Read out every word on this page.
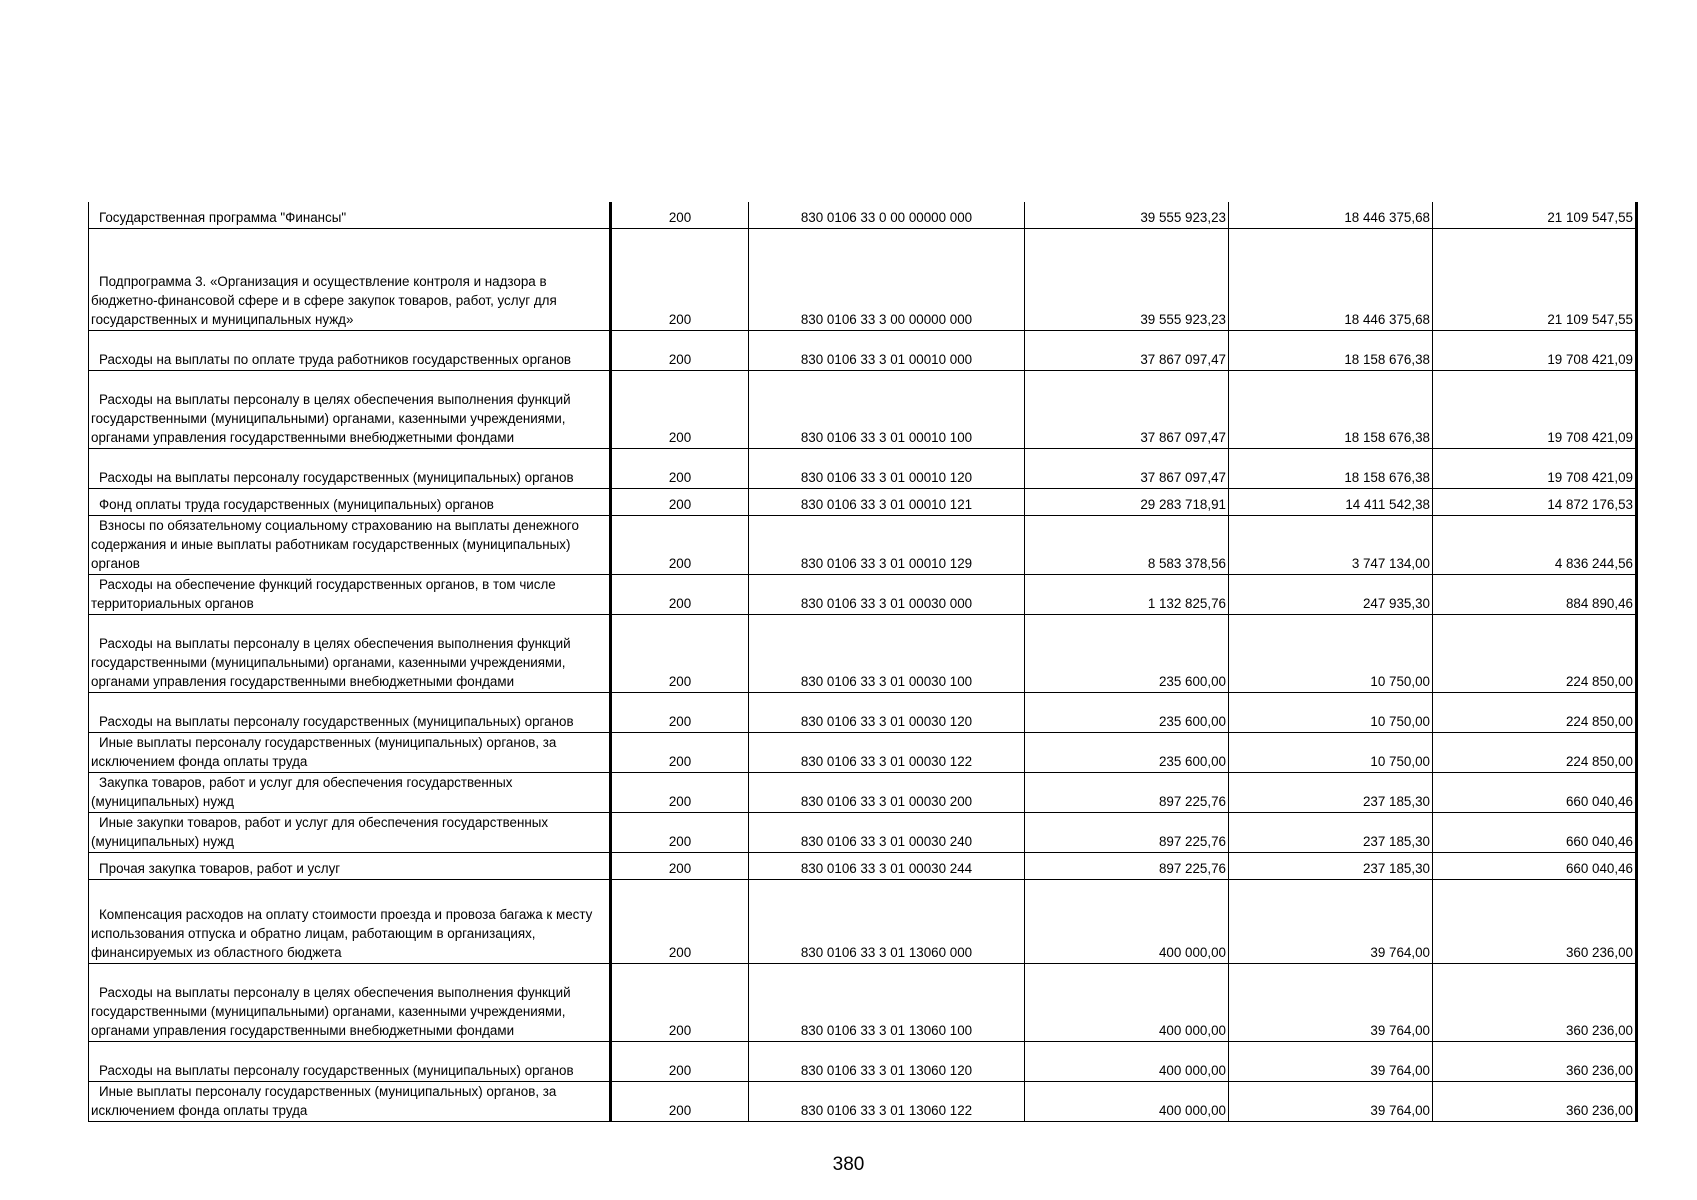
Государственная программа "Финансы"	200	830 0106 33 0 00 00000 000	39 555 923,23	18 446 375,68	21 109 547,55

Подпрограмма 3. «Организация и осуществление контроля и надзора в бюджетно-финансовой сфере и в сфере закупок товаров, работ, услуг для государственных и муниципальных нужд»	200	830 0106 33 3 00 00000 000	39 555 923,23	18 446 375,68	21 109 547,55

Расходы на выплаты по оплате труда работников государственных органов	200	830 0106 33 3 01 00010 000	37 867 097,47	18 158 676,38	19 708 421,09

Расходы на выплаты персоналу в целях обеспечения выполнения функций государственными (муниципальными) органами, казенными учреждениями, органами управления государственными внебюджетными фондами	200	830 0106 33 3 01 00010 100	37 867 097,47	18 158 676,38	19 708 421,09

Расходы на выплаты персоналу государственных (муниципальных) органов	200	830 0106 33 3 01 00010 120	37 867 097,47	18 158 676,38	19 708 421,09

Фонд оплаты труда государственных (муниципальных) органов	200	830 0106 33 3 01 00010 121	29 283 718,91	14 411 542,38	14 872 176,53

Взносы по обязательному социальному страхованию на выплаты денежного содержания и иные выплаты работникам государственных (муниципальных) органов	200	830 0106 33 3 01 00010 129	8 583 378,56	3 747 134,00	4 836 244,56

Расходы на обеспечение функций государственных органов, в том числе территориальных органов	200	830 0106 33 3 01 00030 000	1 132 825,76	247 935,30	884 890,46

Расходы на выплаты персоналу в целях обеспечения выполнения функций государственными (муниципальными) органами, казенными учреждениями, органами управления государственными внебюджетными фондами	200	830 0106 33 3 01 00030 100	235 600,00	10 750,00	224 850,00

Расходы на выплаты персоналу государственных (муниципальных) органов	200	830 0106 33 3 01 00030 120	235 600,00	10 750,00	224 850,00

Иные выплаты персоналу государственных (муниципальных) органов, за исключением фонда оплаты труда	200	830 0106 33 3 01 00030 122	235 600,00	10 750,00	224 850,00

Закупка товаров, работ и услуг для обеспечения государственных (муниципальных) нужд	200	830 0106 33 3 01 00030 200	897 225,76	237 185,30	660 040,46

Иные закупки товаров, работ и услуг для обеспечения государственных (муниципальных) нужд	200	830 0106 33 3 01 00030 240	897 225,76	237 185,30	660 040,46

Прочая закупка товаров, работ и услуг	200	830 0106 33 3 01 00030 244	897 225,76	237 185,30	660 040,46

Компенсация расходов на оплату стоимости проезда и провоза багажа к месту использования отпуска и обратно лицам, работающим в организациях, финансируемых из областного бюджета	200	830 0106 33 3 01 13060 000	400 000,00	39 764,00	360 236,00

Расходы на выплаты персоналу в целях обеспечения выполнения функций государственными (муниципальными) органами, казенными учреждениями, органами управления государственными внебюджетными фондами	200	830 0106 33 3 01 13060 100	400 000,00	39 764,00	360 236,00

Расходы на выплаты персоналу государственных (муниципальных) органов	200	830 0106 33 3 01 13060 120	400 000,00	39 764,00	360 236,00

Иные выплаты персоналу государственных (муниципальных) органов, за исключением фонда оплаты труда	200	830 0106 33 3 01 13060 122	400 000,00	39 764,00	360 236,00
380
